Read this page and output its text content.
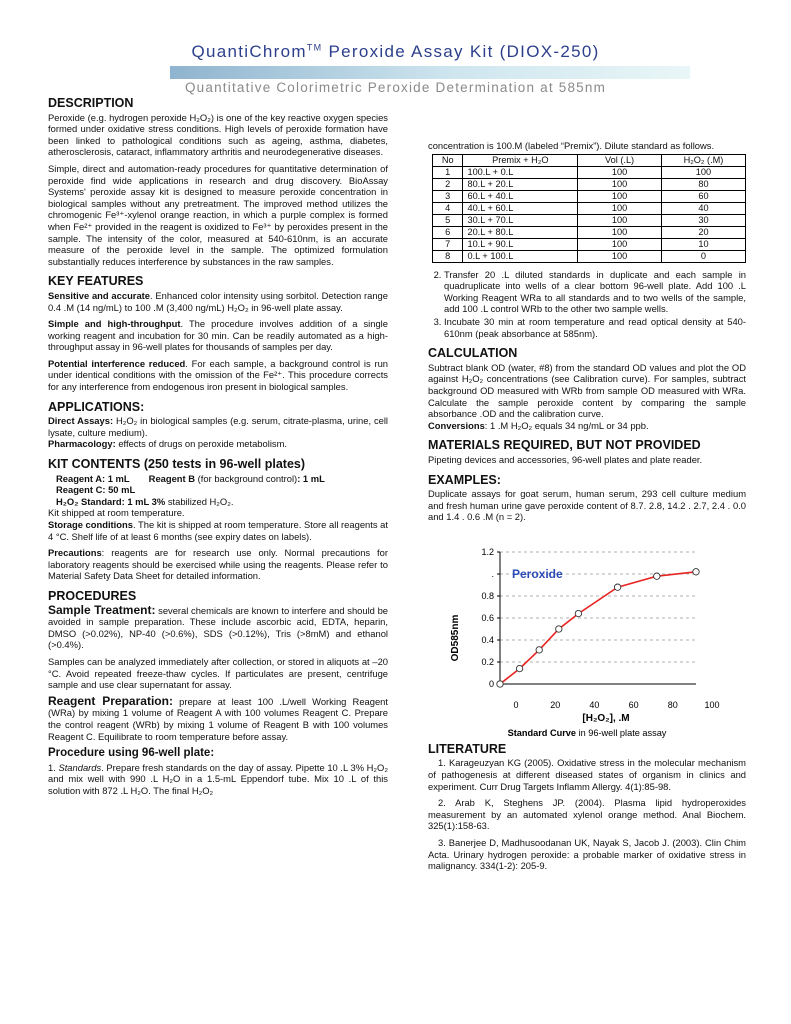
QuantiChrom™ Peroxide Assay Kit (DIOX-250)
Quantitative Colorimetric Peroxide Determination at 585nm
DESCRIPTION

Peroxide (e.g. hydrogen peroxide H₂O₂) is one of the key reactive oxygen species formed under oxidative stress conditions. High levels of peroxide formation have been linked to pathological conditions such as ageing, asthma, diabetes, atherosclerosis, cataract, inflammatory arthritis and neurodegenerative diseases.

Simple, direct and automation-ready procedures for quantitative determination of peroxide find wide applications in research and drug discovery. BioAssay Systems' peroxide assay kit is designed to measure peroxide concentration in biological samples without any pretreatment. The improved method utilizes the chromogenic Fe³⁺-xylenol orange reaction, in which a purple complex is formed when Fe²⁺ provided in the reagent is oxidized to Fe³⁺ by peroxides present in the sample. The intensity of the color, measured at 540-610nm, is an accurate measure of the peroxide level in the sample. The optimized formulation substantially reduces interference by substances in the raw samples.

KEY FEATURES

Sensitive and accurate. Enhanced color intensity using sorbitol. Detection range 0.4 .M (14 ng/mL) to 100 .M (3,400 ng/mL) H₂O₂ in 96-well plate assay.

Simple and high-throughput. The procedure involves addition of a single working reagent and incubation for 30 min. Can be readily automated as a high-throughput assay in 96-well plates for thousands of samples per day.

Potential interference reduced. For each sample, a background control is run under identical conditions with the omission of the Fe²⁺. This procedure corrects for any interference from endogenous iron present in biological samples.

APPLICATIONS:

Direct Assays: H₂O₂ in biological samples (e.g. serum, citrate-plasma, urine, cell lysate, culture medium).

Pharmacology: effects of drugs on peroxide metabolism.

KIT CONTENTS (250 tests in 96-well plates)
Reagent A: 1 mL Reagent B (for background control): 1 mL
Reagent C: 50 mL
H₂O₂ Standard: 1 mL 3% stabilized H₂O₂.
Kit shipped at room temperature.

Storage conditions. The kit is shipped at room temperature. Store all reagents at 4 °C. Shelf life of at least 6 months (see expiry dates on labels).

Precautions: reagents are for research use only. Normal precautions for laboratory reagents should be exercised while using the reagents. Please refer to Material Safety Data Sheet for detailed information.

PROCEDURES

Sample Treatment: several chemicals are known to interfere and should be avoided in sample preparation. These include ascorbic acid, EDTA, heparin, DMSO (>0.02%), NP-40 (>0.6%), SDS (>0.12%), Tris (>8mM) and ethanol (>0.4%).

Samples can be analyzed immediately after collection, or stored in aliquots at –20 °C. Avoid repeated freeze-thaw cycles. If particulates are present, centrifuge sample and use clear supernatant for assay.

Reagent Preparation: prepare at least 100 .L/well Working Reagent (WRa) by mixing 1 volume of Reagent A with 100 volumes Reagent C. Prepare the control reagent (WRb) by mixing 1 volume of Reagent B with 100 volumes Reagent C. Equilibrate to room temperature before assay.

Procedure using 96-well plate:

1. Standards. Prepare fresh standards on the day of assay. Pipette 10 .L 3% H₂O₂ and mix well with 990 .L H₂O in a 1.5-mL Eppendorf tube. Mix 10 .L of this solution with 872 .L H₂O. The final H₂O₂

concentration is 100.M (labeled “Premix”). Dilute standard as follows.

No	Premix + H₂O	Vol (.L)	H₂O₂ (.M)
1	100.L + 0.L	100	100
2	80.L + 20.L	100	80
3	60.L + 40.L	100	60
4	40.L + 60.L	100	40
5	30.L + 70.L	100	30
6	20.L + 80.L	100	20
7	10.L + 90.L	100	10
8	0.L + 100.L	100	0
2. Transfer 20 .L diluted standards in duplicate and each sample in quadruplicate into wells of a clear bottom 96-well plate. Add 100 .L Working Reagent WRa to all standards and to two wells of the sample, add 100 .L control WRb to the other two sample wells.
3. Incubate 30 min at room temperature and read optical density at 540-610nm (peak absorbance at 585nm).
CALCULATION

Subtract blank OD (water, #8) from the standard OD values and plot the OD against H₂O₂ concentrations (see Calibration curve). For samples, subtract background OD measured with WRb from sample OD measured with WRa. Calculate the sample peroxide content by comparing the sample absorbance .OD and the calibration curve.

Conversions: 1 .M H₂O₂ equals 34 ng/mL or 34 ppb.

MATERIALS REQUIRED, BUT NOT PROVIDED

Pipeting devices and accessories, 96-well plates and plate reader.

EXAMPLES:

Duplicate assays for goat serum, human serum, 293 cell culture medium and fresh human urine gave peroxide content of 8.7. 2.8, 14.2 . 2.7, 2.4 . 0.0 and 1.4 . 0.6 .M (n = 2).

0
0.2
0.4
0.6
0.8
.
1.2
0	20	40	60	80	100
[H₂O₂], .M
OD585nm
Peroxide
Standard Curve in 96-well plate assay
LITERATURE

1. Karageuzyan KG (2005). Oxidative stress in the molecular mechanism of pathogenesis at different diseased states of organism in clinics and experiment. Curr Drug Targets Inflamm Allergy. 4(1):85-98.

2. Arab K, Steghens JP. (2004). Plasma lipid hydroperoxides measurement by an automated xylenol orange method. Anal Biochem. 325(1):158-63.

3. Banerjee D, Madhusoodanan UK, Nayak S, Jacob J. (2003). Clin Chim Acta. Urinary hydrogen peroxide: a probable marker of oxidative stress in malignancy. 334(1-2): 205-9.
